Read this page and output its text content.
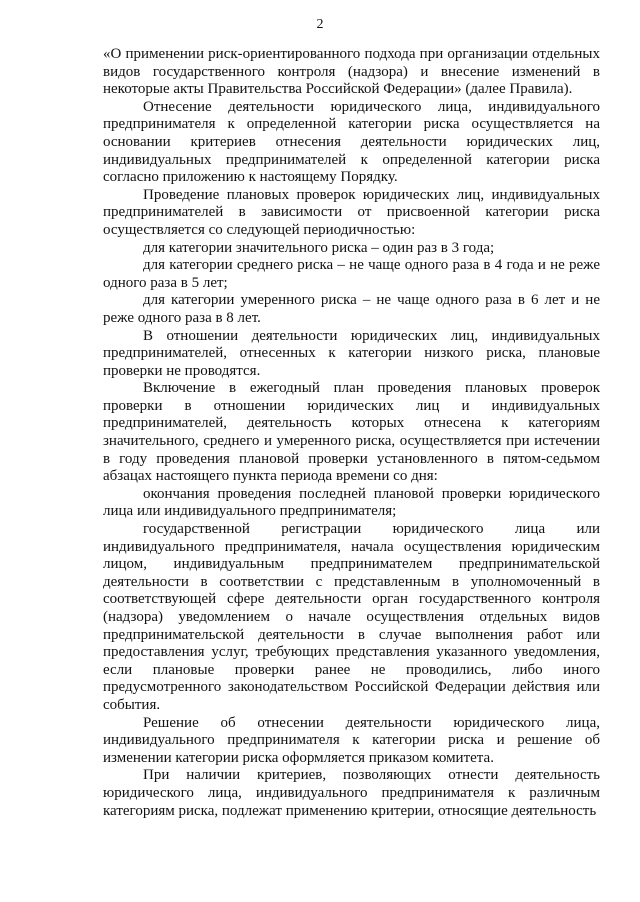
2

«О применении риск-ориентированного подхода при организации отдельных видов государственного контроля (надзора) и внесение изменений в некоторые акты Правительства Российской Федерации» (далее Правила).

Отнесение деятельности юридического лица, индивидуального предпринимателя к определенной категории риска осуществляется на основании критериев отнесения деятельности юридических лиц, индивидуальных предпринимателей к определенной категории риска согласно приложению к настоящему Порядку.

Проведение плановых проверок юридических лиц, индивидуальных предпринимателей в зависимости от присвоенной категории риска осуществляется со следующей периодичностью:

для категории значительного риска – один раз в 3 года;

для категории среднего риска – не чаще одного раза в 4 года и не реже одного раза в 5 лет;

для категории умеренного риска – не чаще одного раза в 6 лет и не реже одного раза в 8 лет.

В отношении деятельности юридических лиц, индивидуальных предпринимателей, отнесенных к категории низкого риска, плановые проверки не проводятся.

Включение в ежегодный план проведения плановых проверок проверки в отношении юридических лиц и индивидуальных предпринимателей, деятельность которых отнесена к категориям значительного, среднего и умеренного риска, осуществляется при истечении в году проведения плановой проверки установленного в пятом-седьмом абзацах настоящего пункта периода времени со дня:

окончания проведения последней плановой проверки юридического лица или индивидуального предпринимателя;

государственной регистрации юридического лица или индивидуального предпринимателя, начала осуществления юридическим лицом, индивидуальным предпринимателем предпринимательской деятельности в соответствии с представленным в уполномоченный в соответствующей сфере деятельности орган государственного контроля (надзора) уведомлением о начале осуществления отдельных видов предпринимательской деятельности в случае выполнения работ или предоставления услуг, требующих представления указанного уведомления, если плановые проверки ранее не проводились, либо иного предусмотренного законодательством Российской Федерации действия или события.

Решение об отнесении деятельности юридического лица, индивидуального предпринимателя к категории риска и решение об изменении категории риска оформляется приказом комитета.

При наличии критериев, позволяющих отнести деятельность юридического лица, индивидуального предпринимателя к различным категориям риска, подлежат применению критерии, относящие деятельность
